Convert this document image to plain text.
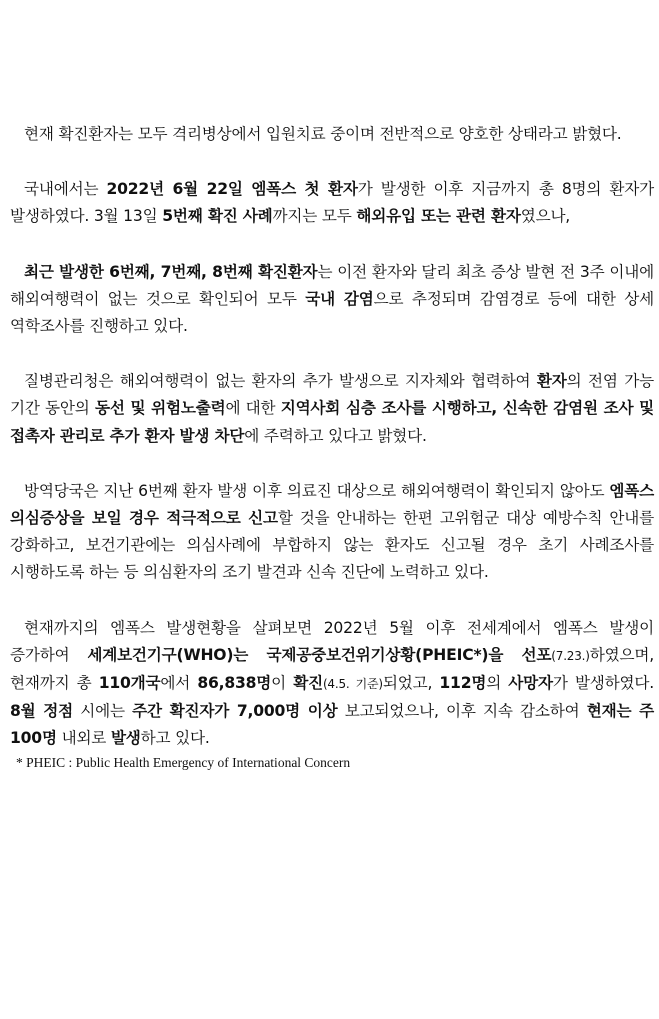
현재 확진환자는 모두 격리병상에서 입원치료 중이며 전반적으로 양호한 상태라고 밝혔다.

국내에서는 2022년 6월 22일 엠폭스 첫 환자가 발생한 이후 지금까지 총 8명의 환자가 발생하였다. 3월 13일 5번째 확진 사례까지는 모두 해외유입 또는 관련 환자였으나,

최근 발생한 6번째, 7번째, 8번째 확진환자는 이전 환자와 달리 최초 증상 발현 전 3주 이내에 해외여행력이 없는 것으로 확인되어 모두 국내 감염으로 추정되며 감염경로 등에 대한 상세 역학조사를 진행하고 있다.

질병관리청은 해외여행력이 없는 환자의 추가 발생으로 지자체와 협력하여 환자의 전염 가능 기간 동안의 동선 및 위험노출력에 대한 지역사회 심층 조사를 시행하고, 신속한 감염원 조사 및 접촉자 관리로 추가 환자 발생 차단에 주력하고 있다고 밝혔다.

방역당국은 지난 6번째 환자 발생 이후 의료진 대상으로 해외여행력이 확인되지 않아도 엠폭스 의심증상을 보일 경우 적극적으로 신고할 것을 안내하는 한편 고위험군 대상 예방수칙 안내를 강화하고, 보건기관에는 의심사례에 부합하지 않는 환자도 신고될 경우 초기 사례조사를 시행하도록 하는 등 의심환자의 조기 발견과 신속 진단에 노력하고 있다.

현재까지의 엠폭스 발생현황을 살펴보면 2022년 5월 이후 전세계에서 엠폭스 발생이 증가하여 세계보건기구(WHO)는 국제공중보건위기상황(PHEIC*)을 선포(7.23.)하였으며, 현재까지 총 110개국에서 86,838명이 확진(4.5. 기준)되었고, 112명의 사망자가 발생하였다. 8월 정점 시에는 주간 확진자가 7,000명 이상 보고되었으나, 이후 지속 감소하여 현재는 주 100명 내외로 발생하고 있다.

* PHEIC : Public Health Emergency of International Concern
